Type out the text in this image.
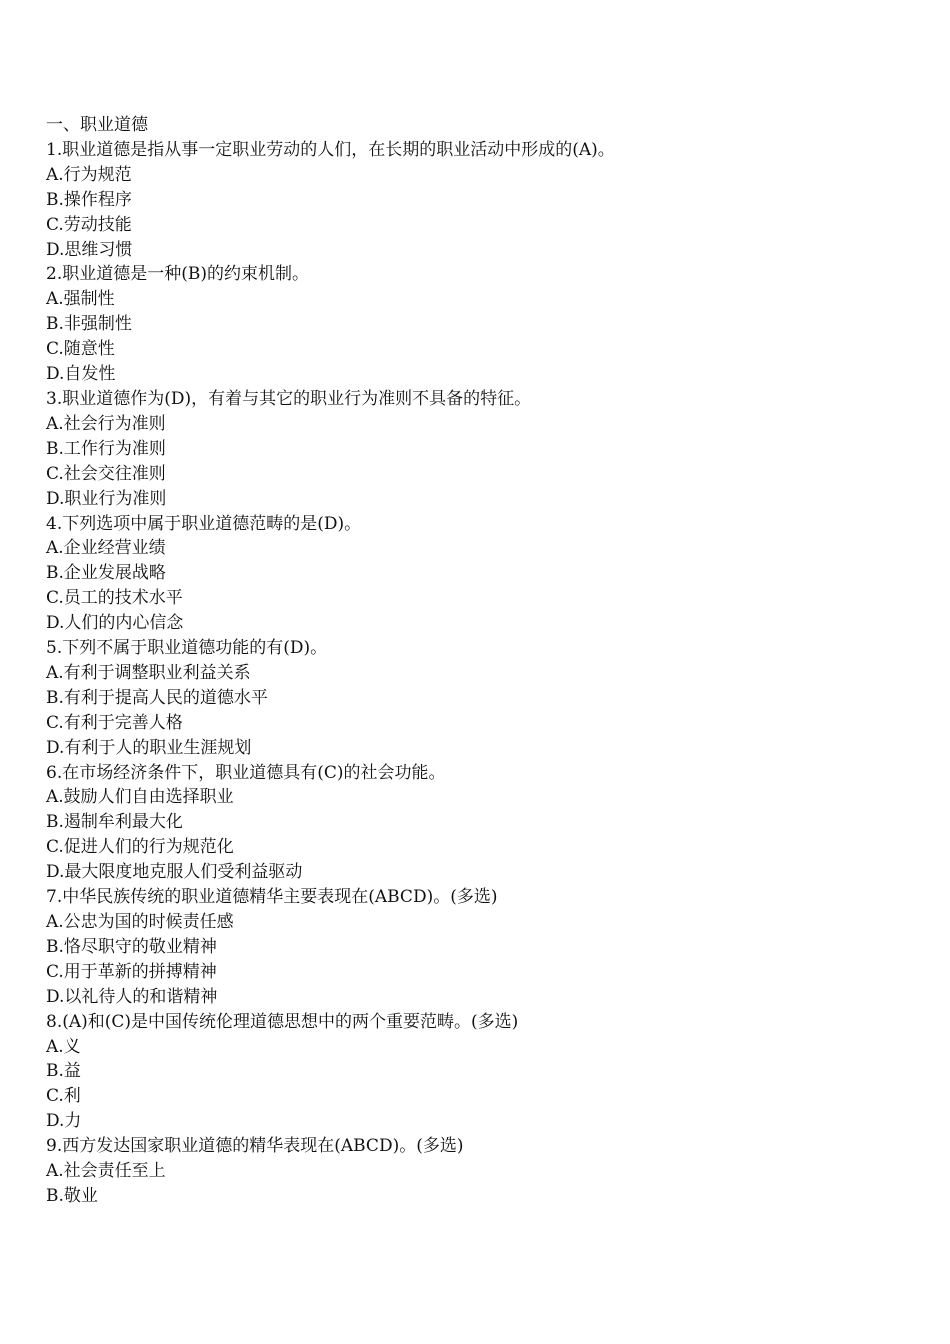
一、职业道德
1.职业道德是指从事一定职业劳动的人们，在长期的职业活动中形成的(A)。
A.行为规范
B.操作程序
C.劳动技能
D.思维习惯
2.职业道德是一种(B)的约束机制。
A.强制性
B.非强制性
C.随意性
D.自发性
3.职业道德作为(D)，有着与其它的职业行为准则不具备的特征。
A.社会行为准则
B.工作行为准则
C.社会交往准则
D.职业行为准则
4.下列选项中属于职业道德范畴的是(D)。
A.企业经营业绩
B.企业发展战略
C.员工的技术水平
D.人们的内心信念
5.下列不属于职业道德功能的有(D)。
A.有利于调整职业利益关系
B.有利于提高人民的道德水平
C.有利于完善人格
D.有利于人的职业生涯规划
6.在市场经济条件下，职业道德具有(C)的社会功能。
A.鼓励人们自由选择职业
B.遏制牟利最大化
C.促进人们的行为规范化
D.最大限度地克服人们受利益驱动
7.中华民族传统的职业道德精华主要表现在(ABCD)。(多选)
A.公忠为国的时候责任感
B.恪尽职守的敬业精神
C.用于革新的拼搏精神
D.以礼待人的和谐精神
8.(A)和(C)是中国传统伦理道德思想中的两个重要范畴。(多选)
A.义
B.益
C.利
D.力
9.西方发达国家职业道德的精华表现在(ABCD)。(多选)
A.社会责任至上
B.敬业
